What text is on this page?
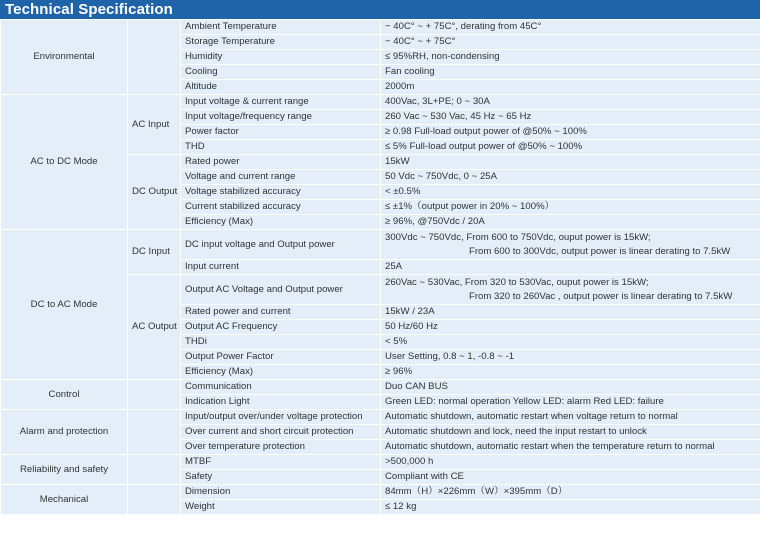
Technical Specification
Environmental		Ambient Temperature	− 40C° ~ + 75C°, derating from 45C°
		Storage Temperature	− 40C° ~ + 75C°
		Humidity	≤ 95%RH, non-condensing
		Cooling	Fan cooling
		Altitude	2000m
AC to DC Mode	AC Input	Input voltage & current range	400Vac, 3L+PE; 0 ~ 30A
		Input voltage/frequency range	260 Vac ~ 530 Vac, 45 Hz ~ 65 Hz
		Power factor	≥ 0.98 Full-load output power of @50% ~ 100%
		THD	≤ 5% Full-load output power of @50% ~ 100%
	DC Output	Rated power	15kW
		Voltage and current range	50 Vdc ~ 750Vdc, 0 ~ 25A
		Voltage stabilized accuracy	< ±0.5%
		Current stabilized accuracy	≤ ±1%（output power in 20% ~ 100%）
		Efficiency (Max)	≥ 96%, @750Vdc / 20A
DC to AC Mode	DC Input	DC input voltage and Output power	300Vdc ~ 750Vdc, From 600 to 750Vdc, ouput power is 15kW;
From 600 to 300Vdc, output power is linear derating to 7.5kW

		Input current	25A
	AC Output	Output AC Voltage and Output power	260Vac ~ 530Vac, From 320 to 530Vac, ouput power is 15kW;
From 320 to 260Vac , output power is linear derating to 7.5kW

		Rated power and current	15kW / 23A
		Output AC Frequency	50 Hz/60 Hz
		THDi	< 5%
		Output Power Factor	User Setting, 0.8 ~ 1, -0.8 ~ -1
		Efficiency (Max)	≥ 96%
Control		Communication	Duo CAN BUS
		Indication Light	Green LED: normal operation Yellow LED: alarm Red LED: failure
Alarm and protection		Input/output over/under voltage protection	Automatic shutdown, automatic restart when voltage return to normal
		Over current and short circuit protection	Automatic shutdown and lock, need the input restart to unlock
		Over temperature protection	Automatic shutdown, automatic restart when the temperature return to normal
Reliability and safety		MTBF	>500,000 h
		Safety	Compliant with CE
Mechanical		Dimension	84mm（H）×226mm（W）×395mm（D）
		Weight	≤ 12 kg
